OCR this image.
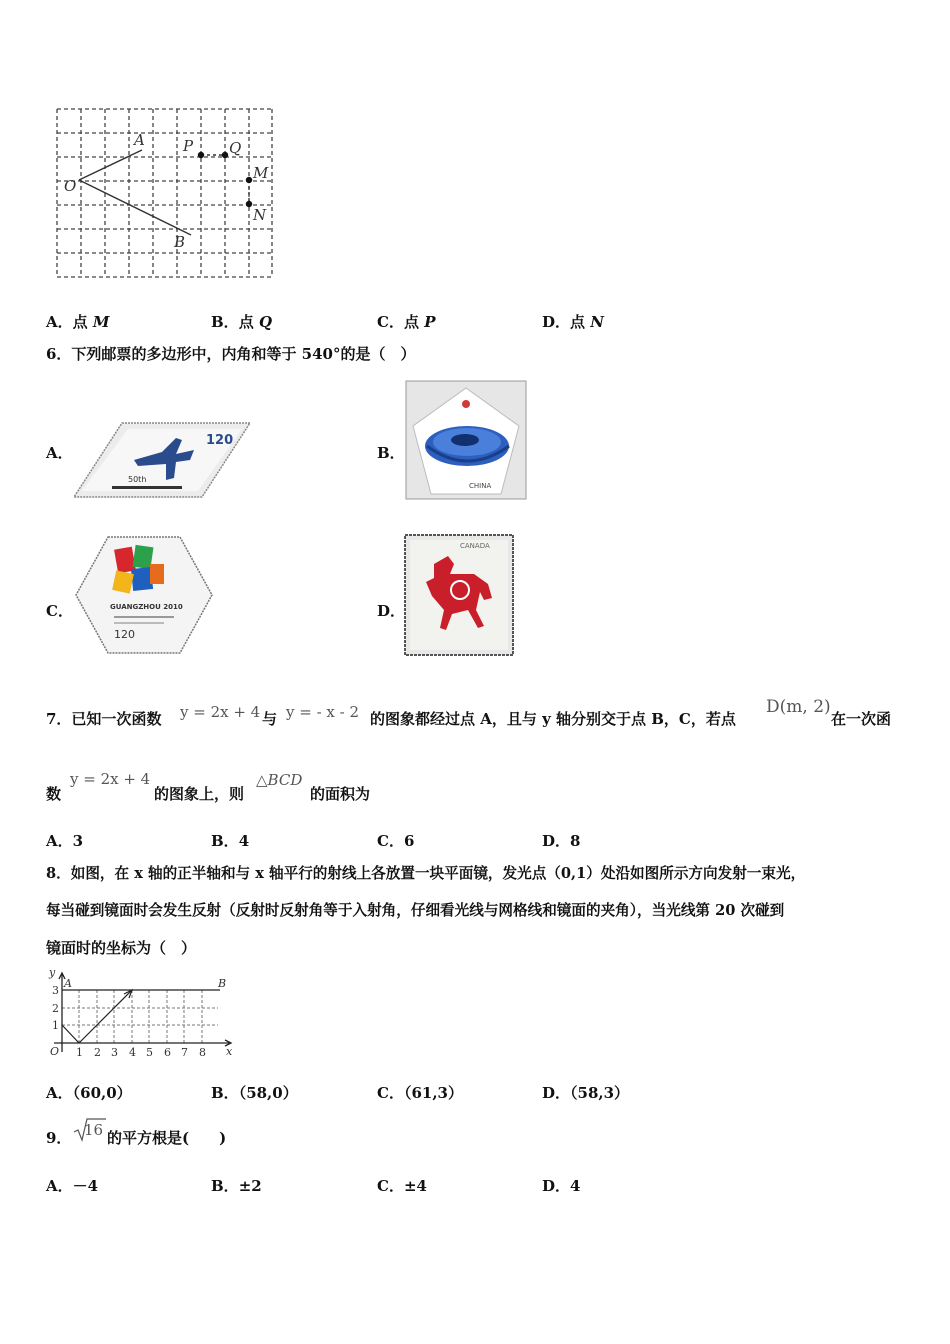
O
A
B
P Q
M
N
A．点 M	B．点 Q	C．点 P	D．点 N
6．下列邮票的多边形中，内角和等于 540°的是（　）
A．	B．
C．	D．
120
50th
CHINA
GUANGZHOU 2010
120
CANADA
7．已知一次函数 y = 2x + 4 与 y = - x - 2 的图象都经过点 A，且与 y 轴分别交于点 B，C，若点
D(m, 2)
在一次函
数
y = 2x + 4
的图象上，则
△BCD
的面积为
A．3	B．4	C．6	D．8
8．如图，在 x 轴的正半轴和与 x 轴平行的射线上各放置一块平面镜，发光点（0,1）处沿如图所示方向发射一束光，
每当碰到镜面时会发生反射（反射时反射角等于入射角，仔细看光线与网格线和镜面的夹角），当光线第 20 次碰到
镜面时的坐标为（　）
y
x
O
A	B
3
2
1
1 2 3 4 5 6 7 8
A．（60,0）	B．（58,0）	C．（61,3）	D．（58,3）
9． 16 的平方根是(　　)
A．－4	B．±2	C．±4	D．4
